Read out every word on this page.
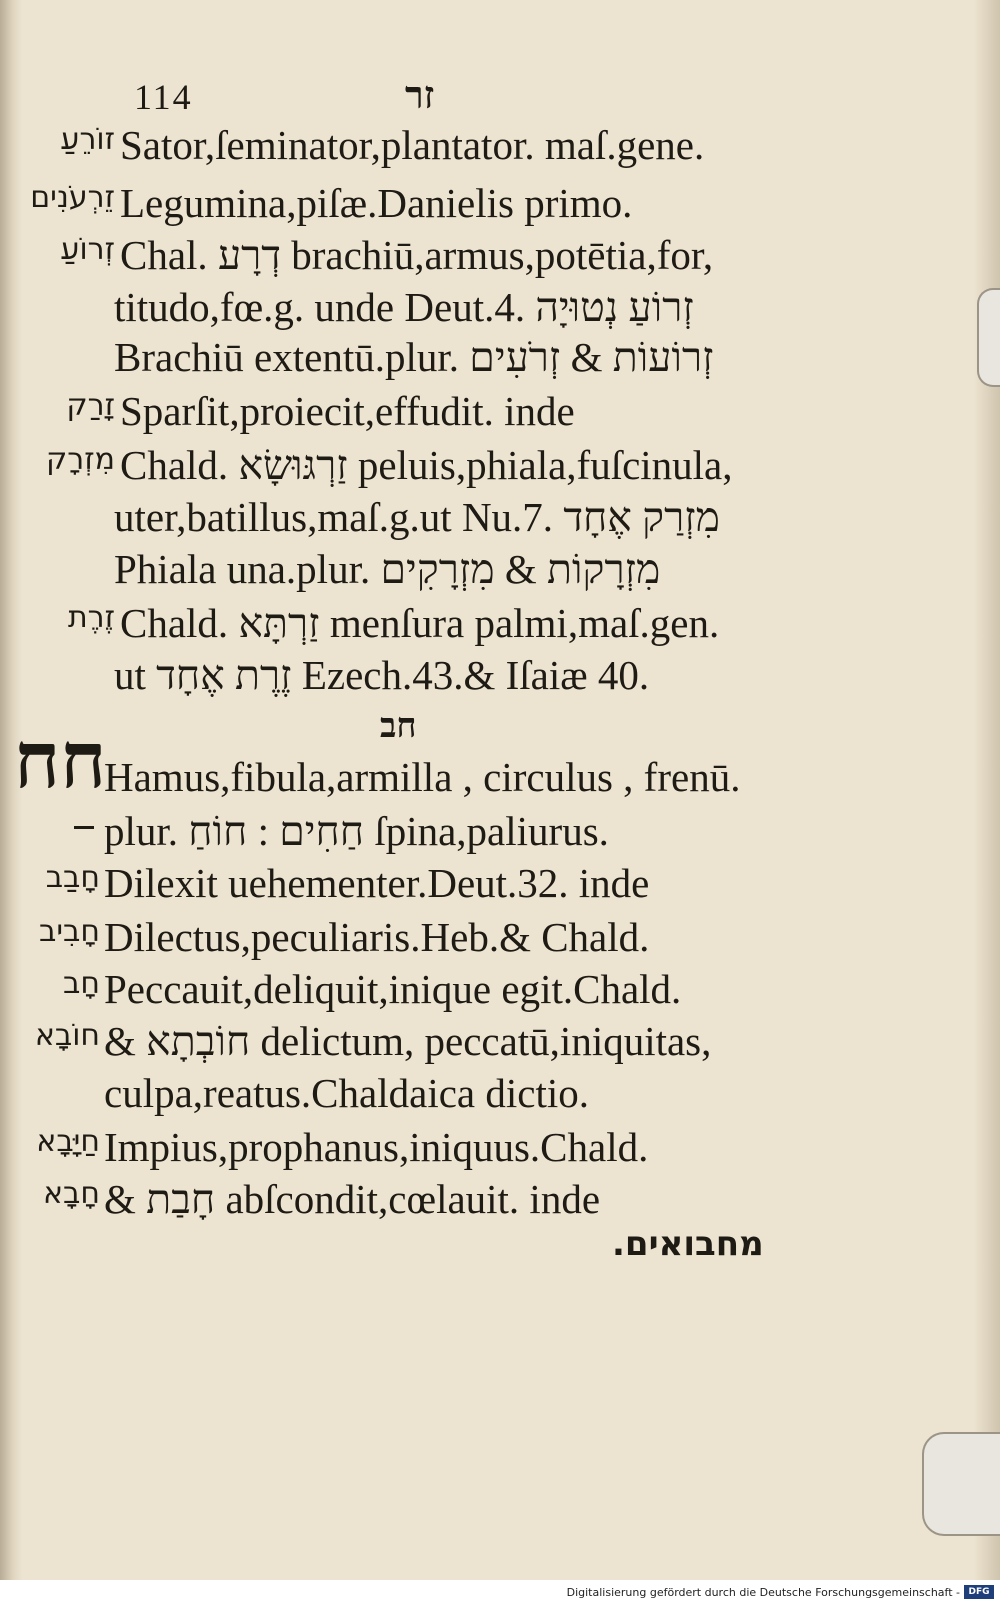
114	זר
זוֹרֵעַ Sator,ſeminator,plantator. maſ.gene.
זֵרְעֹנִים Legumina,piſæ.Danielis primo.
זְרוֹעַ Chal. דְרָע brachiū,armus,potētia,for,
titudo,fœ.g. unde Deut.4. זְרוֹעַ נְטוּיָה
Brachiū extentū.plur. זְרוֹעוֹת & זְרֹעִים
זָרַק Sparſit,proiecit,effudit. inde
מִזְרָק Chald. זַרְגּוּשָׂא peluis,phiala,fuſcinula,
uter,batillus,maſ.g.ut Nu.7. מִזְרַק אֶחָד
Phiala una.plur. מִזְרָקוֹת & מִזְרָקִים
זֶרֶת Chald. זַרְתָּא menſura palmi,maſ.gen.
ut זֶרֶת אֶחָד Ezech.43.& Iſaiæ 40.
חב
חח
Hamus,fibula,armilla , circulus , frenū.
plur. חַחִים : חוֹחַ ſpina,paliurus.
חָבַב Dilexit uehementer.Deut.32. inde
חָבִיב Dilectus,peculiaris.Heb.& Chald.
חָב Peccauit,deliquit,inique egit.Chald.
חוֹבָא & חוֹבְתָא delictum, peccatū,iniquitas,
culpa,reatus.Chaldaica dictio.
חַיָּבָא Impius,prophanus,iniquus.Chald.
חָבָא & חָבַת abſcondit,cœlauit. inde
מחבואים.
Digitalisierung gefördert durch die Deutsche Forschungsgemeinschaft - DFG
